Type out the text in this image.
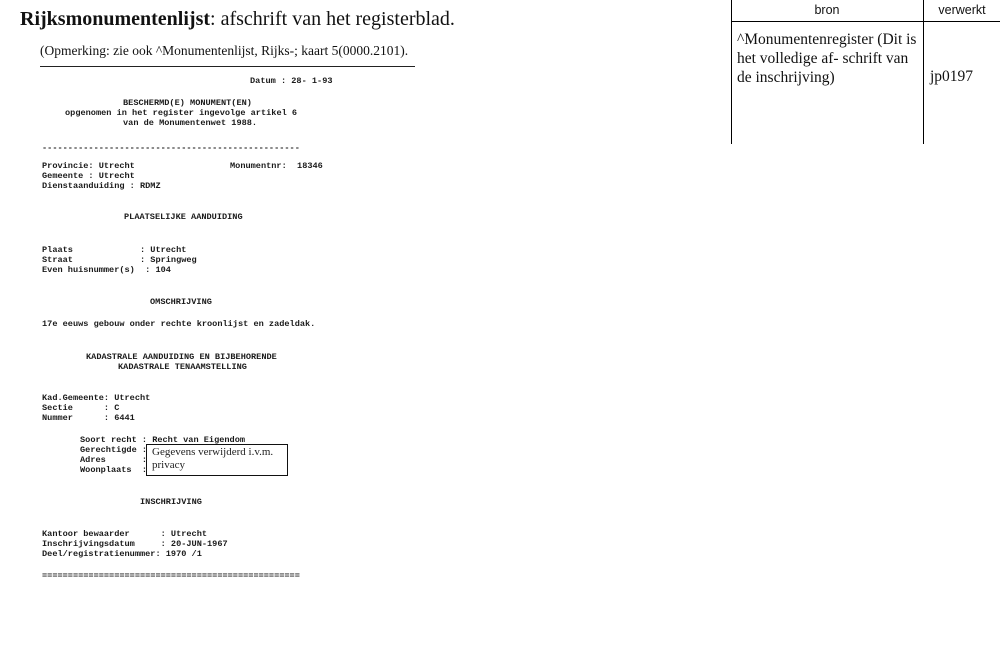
Rijksmonumentenlijst: afschrift van het registerblad.
(Opmerking: zie ook ^Monumentenlijst, Rijks-; kaart 5(0000.2101).
Datum : 28- 1-93
BESCHERMD(E) MONUMENT(EN)
opgenomen in het register ingevolge artikel 6
van de Monumentenwet 1988.
--------------------------------------------------
Provincie: Utrecht	Monumentnr:  18346
Gemeente : Utrecht
Dienstaanduiding : RDMZ
PLAATSELIJKE AANDUIDING
Plaats             : Utrecht
Straat             : Springweg
Even huisnummer(s)  : 104
OMSCHRIJVING
17e eeuws gebouw onder rechte kroonlijst en zadeldak.
KADASTRALE AANDUIDING EN BIJBEHORENDE
KADASTRALE TENAAMSTELLING
Kad.Gemeente: Utrecht
Sectie      : C
Nummer      : 6441
Soort recht : Recht van Eigendom
Gerechtigde :
Adres       :
Woonplaats  :
Gegevens verwijderd i.v.m. privacy
INSCHRIJVING
Kantoor bewaarder      : Utrecht
Inschrijvingsdatum     : 20-JUN-1967
Deel/registratienummer: 1970 /1
==================================================
bron	verwerkt
^Monumentenregister (Dit is het volledige af- schrift van de inschrijving)	jp0197
